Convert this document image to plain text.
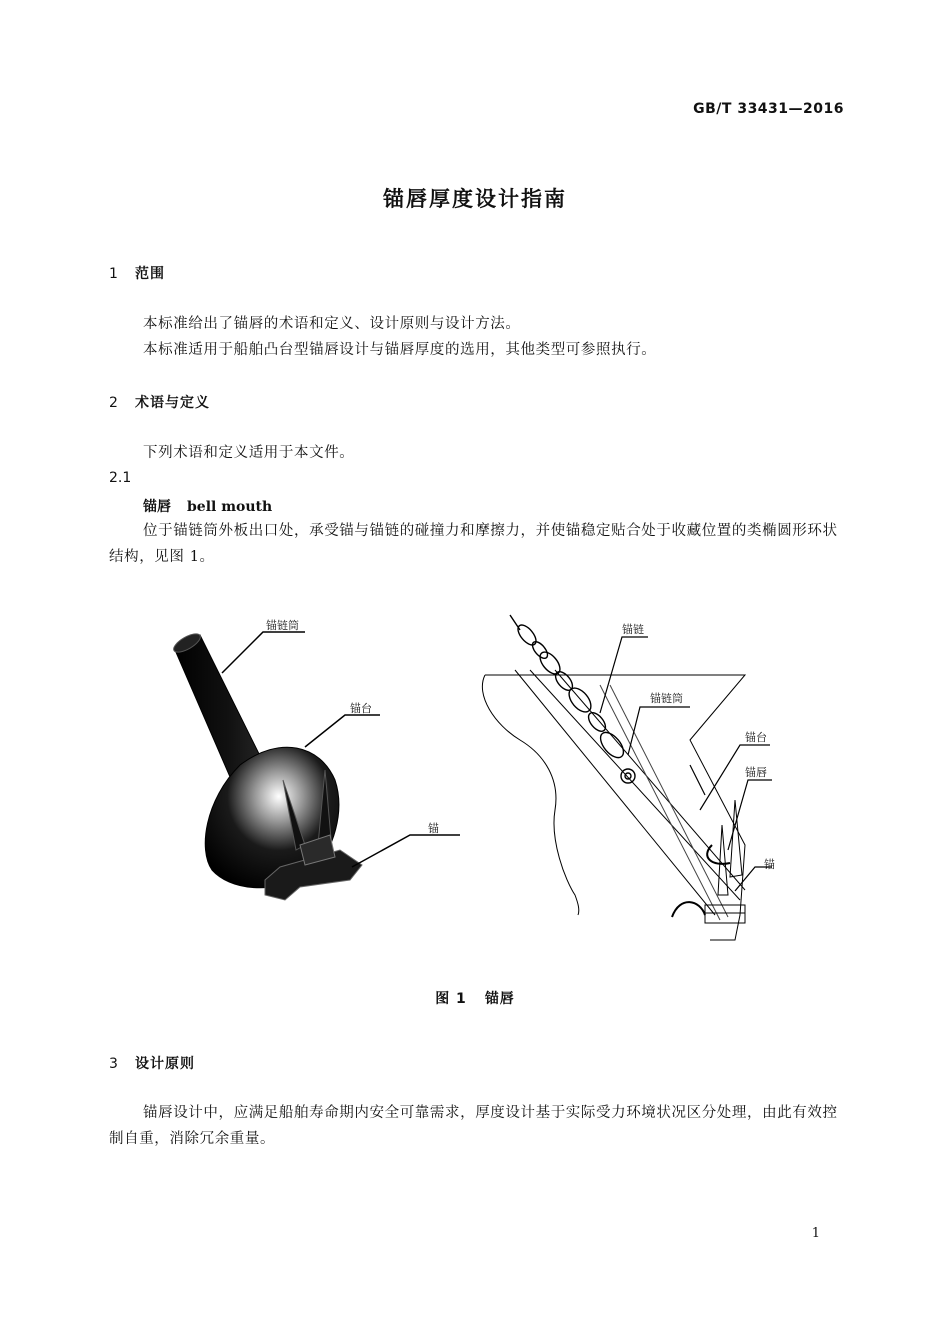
GB/T 33431—2016
锚唇厚度设计指南
1 范围
本标准给出了锚唇的术语和定义、设计原则与设计方法。
本标准适用于船舶凸台型锚唇设计与锚唇厚度的选用，其他类型可参照执行。
2 术语与定义
下列术语和定义适用于本文件。
2.1
锚唇 bell mouth
位于锚链筒外板出口处，承受锚与锚链的碰撞力和摩擦力，并使锚稳定贴合处于收藏位置的类椭圆形环状结构，见图 1。
锚链筒
锚台
锚
锚链
锚链筒
锚台
锚唇
锚
图 1 锚唇
3 设计原则
锚唇设计中，应满足船舶寿命期内安全可靠需求，厚度设计基于实际受力环境状况区分处理，由此有效控制自重，消除冗余重量。
1
